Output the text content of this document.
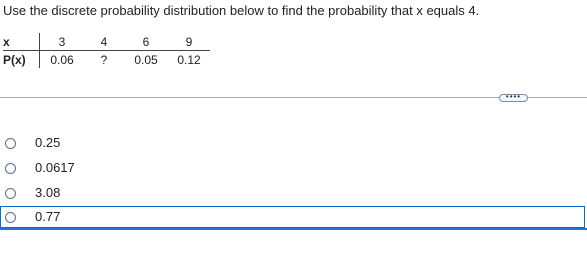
Use the discrete probability distribution below to find the probability that x equals 4.
x	3	4	6	9
P(x)	0.06	?	0.05	0.12
••••
0.25
0.0617
3.08
0.77
